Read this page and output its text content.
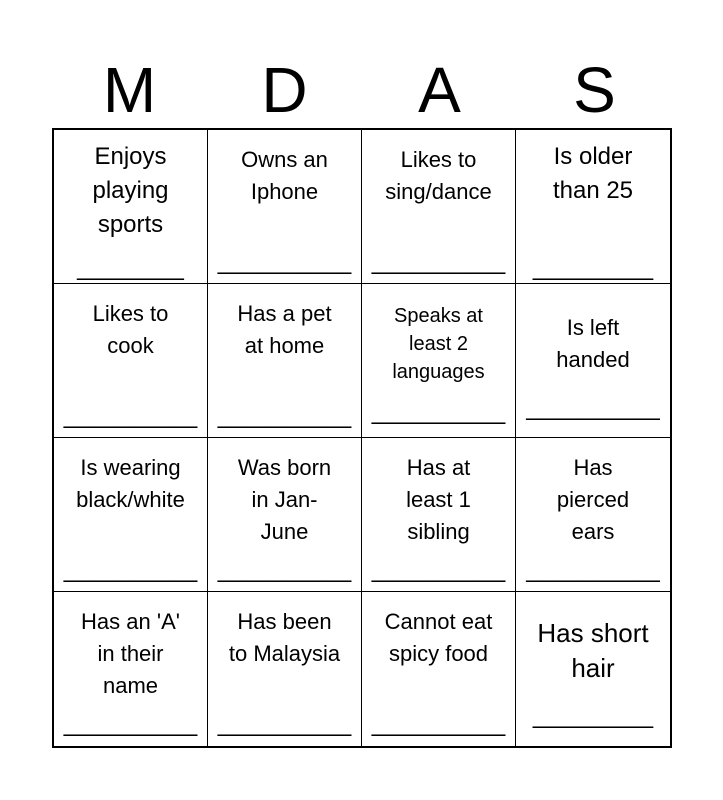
M	D	A	S
Enjoys
playing
sports
________
Owns an
Iphone
__________
Likes to
sing/dance
__________
Is older
than 25
_________
Likes to
cook
__________
Has a pet
at home
__________
Speaks at
least 2
languages
__________
Is left
handed
__________
Is wearing
black/white
__________
Was born
in Jan-
June
__________
Has at
least 1
sibling
__________
Has
pierced
ears
__________
Has an 'A'
in their
name
__________
Has been
to Malaysia
__________
Cannot eat
spicy food
__________
Has short
hair
_________
